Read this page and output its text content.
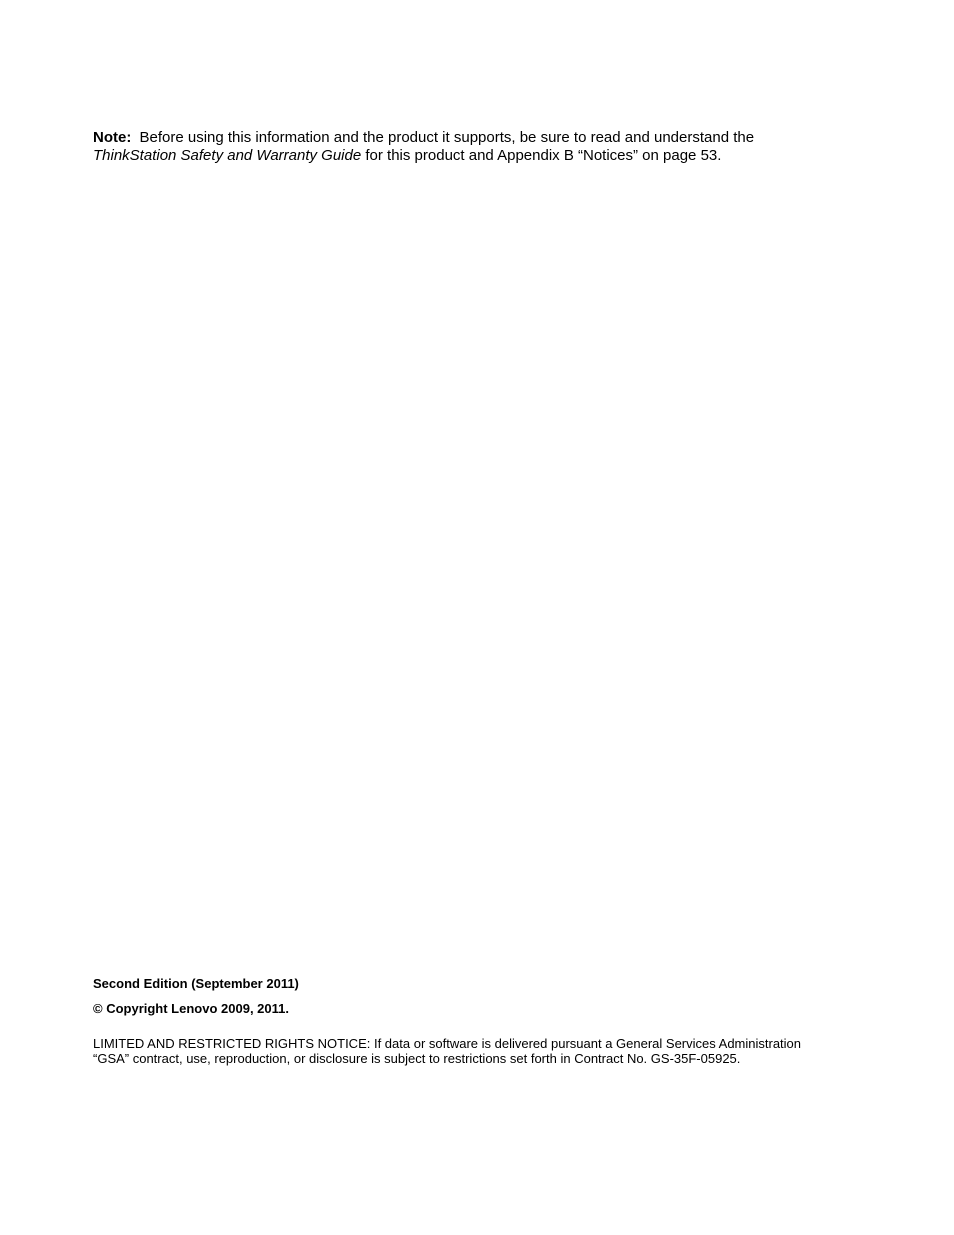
Note: Before using this information and the product it supports, be sure to read and understand the

ThinkStation Safety and Warranty Guide for this product and Appendix B “Notices” on page 53.

Second Edition (September 2011)

© Copyright Lenovo 2009, 2011.

LIMITED AND RESTRICTED RIGHTS NOTICE: If data or software is delivered pursuant a General Services Administration
“GSA” contract, use, reproduction, or disclosure is subject to restrictions set forth in Contract No. GS-35F-05925.
